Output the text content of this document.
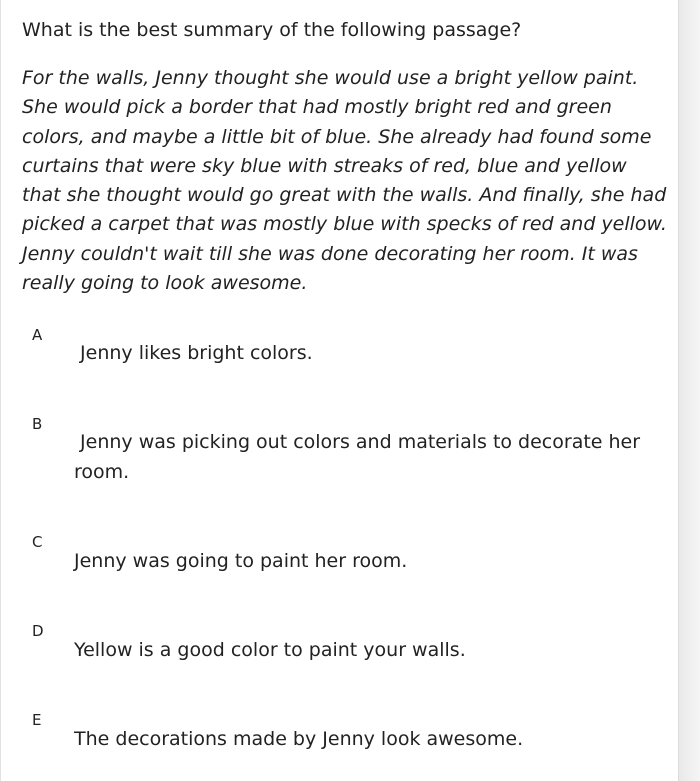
What is the best summary of the following passage?
For the walls, Jenny thought she would use a bright yellow paint. She would pick a border that had mostly bright red and green colors, and maybe a little bit of blue. She already had found some curtains that were sky blue with streaks of red, blue and yellow that she thought would go great with the walls. And finally, she had picked a carpet that was mostly blue with specks of red and yellow. Jenny couldn't wait till she was done decorating her room. It was really going to look awesome.
A
Jenny likes bright colors.
B
Jenny was picking out colors and materials to decorate her room.
C
Jenny was going to paint her room.
D
Yellow is a good color to paint your walls.
E
The decorations made by Jenny look awesome.
